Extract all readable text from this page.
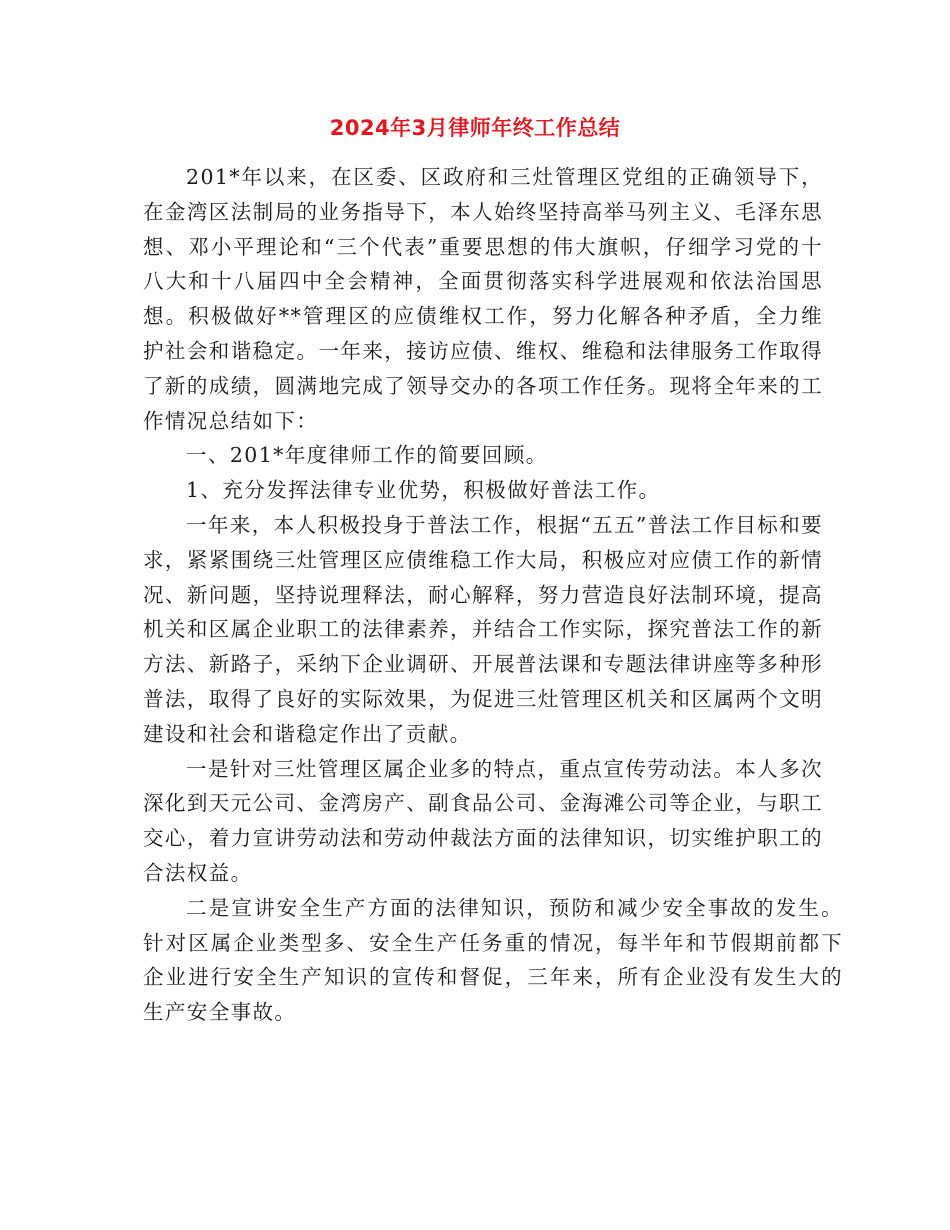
2024年3月律师年终工作总结

201*年以来，在区委、区政府和三灶管理区党组的正确领导下，在金湾区法制局的业务指导下，本人始终坚持高举马列主义、毛泽东思想、邓小平理论和“三个代表”重要思想的伟大旗帜，仔细学习党的十八大和十八届四中全会精神，全面贯彻落实科学进展观和依法治国思想。积极做好**管理区的应债维权工作，努力化解各种矛盾，全力维护社会和谐稳定。一年来，接访应债、维权、维稳和法律服务工作取得了新的成绩，圆满地完成了领导交办的各项工作任务。现将全年来的工作情况总结如下：

一、201*年度律师工作的简要回顾。

1、充分发挥法律专业优势，积极做好普法工作。

一年来，本人积极投身于普法工作，根据“五五”普法工作目标和要求，紧紧围绕三灶管理区应债维稳工作大局，积极应对应债工作的新情况、新问题，坚持说理释法，耐心解释，努力营造良好法制环境，提高机关和区属企业职工的法律素养，并结合工作实际，探究普法工作的新方法、新路子，采纳下企业调研、开展普法课和专题法律讲座等多种形普法，取得了良好的实际效果，为促进三灶管理区机关和区属两个文明建设和社会和谐稳定作出了贡献。

一是针对三灶管理区属企业多的特点，重点宣传劳动法。本人多次深化到天元公司、金湾房产、副食品公司、金海滩公司等企业，与职工交心，着力宣讲劳动法和劳动仲裁法方面的法律知识，切实维护职工的合法权益。

二是宣讲安全生产方面的法律知识，预防和减少安全事故的发生。针对区属企业类型多、安全生产任务重的情况，每半年和节假期前都下企业进行安全生产知识的宣传和督促，三年来，所有企业没有发生大的生产安全事故。
